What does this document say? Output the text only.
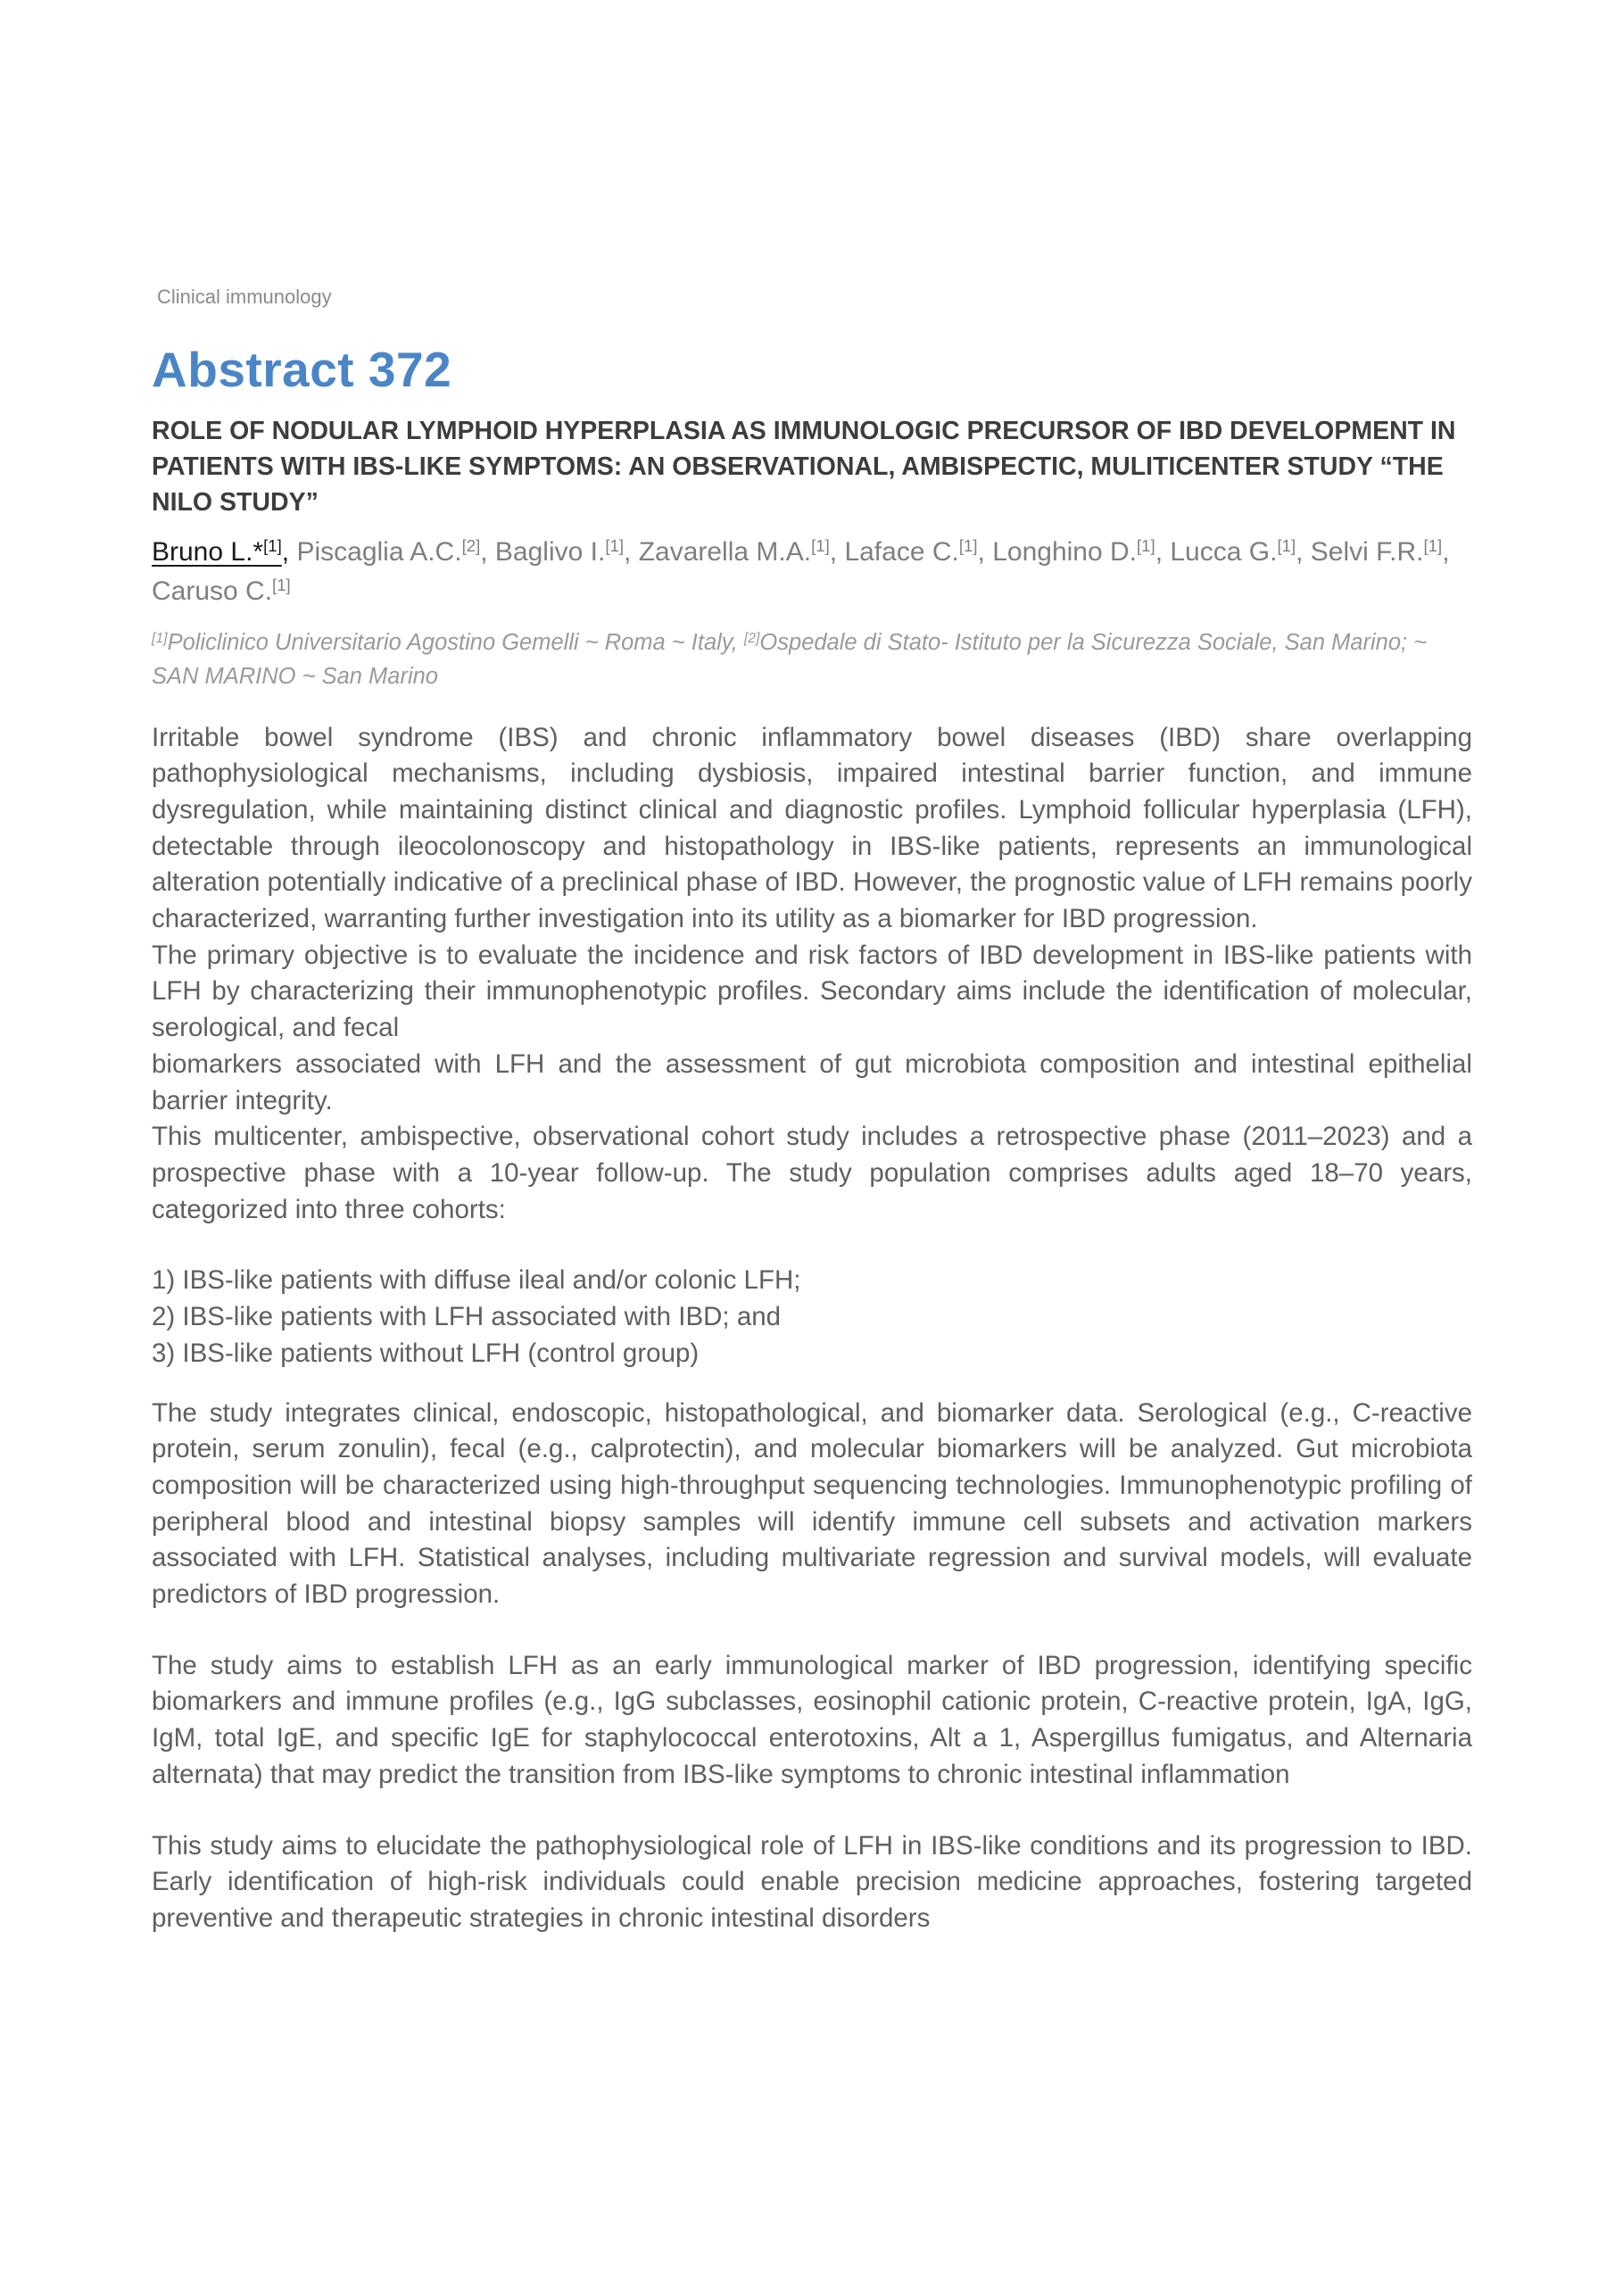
Clinical immunology

Abstract 372
ROLE OF NODULAR LYMPHOID HYPERPLASIA AS IMMUNOLOGIC PRECURSOR OF IBD DEVELOPMENT IN PATIENTS WITH IBS-LIKE SYMPTOMS: AN OBSERVATIONAL, AMBISPECTIC, MULITICENTER STUDY “THE NILO STUDY”

Bruno L.*[1], Piscaglia A.C.[2], Baglivo I.[1], Zavarella M.A.[1], Laface C.[1], Longhino D.[1], Lucca G.[1], Selvi F.R.[1], Caruso C.[1]

[1]Policlinico Universitario Agostino Gemelli ~ Roma ~ Italy, [2]Ospedale di Stato- Istituto per la Sicurezza Sociale, San Marino; ~ SAN MARINO ~ San Marino

Irritable bowel syndrome (IBS) and chronic inflammatory bowel diseases (IBD) share overlapping pathophysiological mechanisms, including dysbiosis, impaired intestinal barrier function, and immune dysregulation, while maintaining distinct clinical and diagnostic profiles. Lymphoid follicular hyperplasia (LFH), detectable through ileocolonoscopy and histopathology in IBS-like patients, represents an immunological alteration potentially indicative of a preclinical phase of IBD. However, the prognostic value of LFH remains poorly characterized, warranting further investigation into its utility as a biomarker for IBD progression.

The primary objective is to evaluate the incidence and risk factors of IBD development in IBS-like patients with LFH by characterizing their immunophenotypic profiles. Secondary aims include the identification of molecular, serological, and fecal

biomarkers associated with LFH and the assessment of gut microbiota composition and intestinal epithelial barrier integrity.

This multicenter, ambispective, observational cohort study includes a retrospective phase (2011–2023) and a prospective phase with a 10-year follow-up. The study population comprises adults aged 18–70 years, categorized into three cohorts:

1) IBS-like patients with diffuse ileal and/or colonic LFH;

2) IBS-like patients with LFH associated with IBD; and

3) IBS-like patients without LFH (control group)

The study integrates clinical, endoscopic, histopathological, and biomarker data. Serological (e.g., C-reactive protein, serum zonulin), fecal (e.g., calprotectin), and molecular biomarkers will be analyzed. Gut microbiota composition will be characterized using high-throughput sequencing technologies. Immunophenotypic profiling of peripheral blood and intestinal biopsy samples will identify immune cell subsets and activation markers associated with LFH. Statistical analyses, including multivariate regression and survival models, will evaluate predictors of IBD progression.

The study aims to establish LFH as an early immunological marker of IBD progression, identifying specific biomarkers and immune profiles (e.g., IgG subclasses, eosinophil cationic protein, C-reactive protein, IgA, IgG, IgM, total IgE, and specific IgE for staphylococcal enterotoxins, Alt a 1, Aspergillus fumigatus, and Alternaria alternata) that may predict the transition from IBS-like symptoms to chronic intestinal inflammation

This study aims to elucidate the pathophysiological role of LFH in IBS-like conditions and its progression to IBD. Early identification of high-risk individuals could enable precision medicine approaches, fostering targeted preventive and therapeutic strategies in chronic intestinal disorders
